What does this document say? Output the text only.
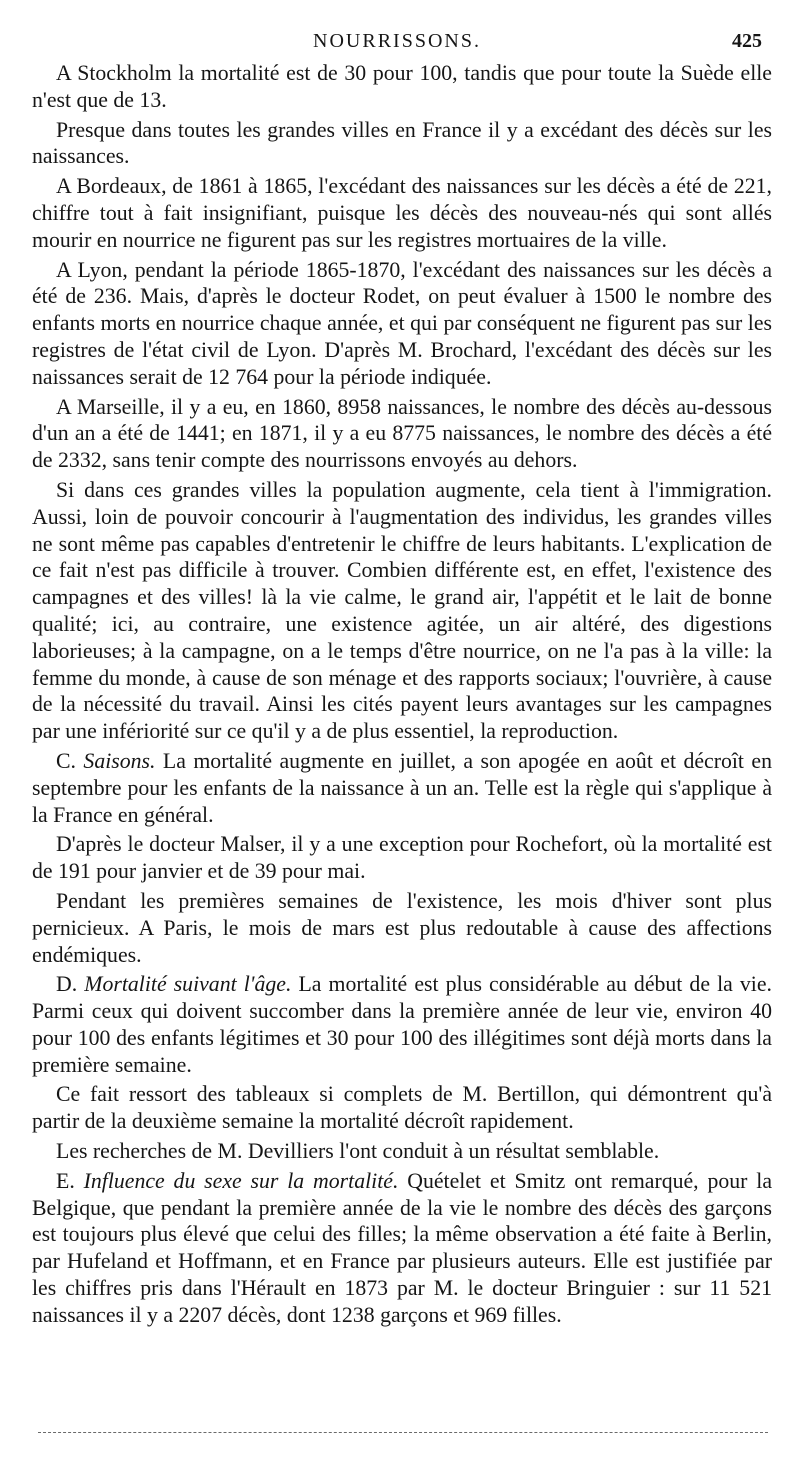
NOURRISSONS.	425

A Stockholm la mortalité est de 30 pour 100, tandis que pour toute la Suède elle n'est que de 13.

Presque dans toutes les grandes villes en France il y a excédant des décès sur les naissances.

A Bordeaux, de 1861 à 1865, l'excédant des naissances sur les décès a été de 221, chiffre tout à fait insignifiant, puisque les décès des nouveau-nés qui sont allés mourir en nourrice ne figurent pas sur les registres mortuaires de la ville.

A Lyon, pendant la période 1865-1870, l'excédant des naissances sur les décès a été de 236. Mais, d'après le docteur Rodet, on peut évaluer à 1500 le nombre des enfants morts en nourrice chaque année, et qui par conséquent ne figurent pas sur les registres de l'état civil de Lyon. D'après M. Brochard, l'excédant des décès sur les naissances serait de 12 764 pour la période indiquée.

A Marseille, il y a eu, en 1860, 8958 naissances, le nombre des décès au-dessous d'un an a été de 1441; en 1871, il y a eu 8775 naissances, le nombre des décès a été de 2332, sans tenir compte des nourrissons envoyés au dehors.

Si dans ces grandes villes la population augmente, cela tient à l'immigration. Aussi, loin de pouvoir concourir à l'augmentation des individus, les grandes villes ne sont même pas capables d'entretenir le chiffre de leurs habitants. L'explication de ce fait n'est pas difficile à trouver. Combien différente est, en effet, l'existence des campagnes et des villes! là la vie calme, le grand air, l'appétit et le lait de bonne qualité; ici, au contraire, une existence agitée, un air altéré, des digestions laborieuses; à la campagne, on a le temps d'être nourrice, on ne l'a pas à la ville: la femme du monde, à cause de son ménage et des rapports sociaux; l'ouvrière, à cause de la nécessité du travail. Ainsi les cités payent leurs avantages sur les campagnes par une infériorité sur ce qu'il y a de plus essentiel, la reproduction.

C. Saisons. La mortalité augmente en juillet, a son apogée en août et décroît en septembre pour les enfants de la naissance à un an. Telle est la règle qui s'applique à la France en général.

D'après le docteur Malser, il y a une exception pour Rochefort, où la mortalité est de 191 pour janvier et de 39 pour mai.

Pendant les premières semaines de l'existence, les mois d'hiver sont plus pernicieux. A Paris, le mois de mars est plus redoutable à cause des affections endémiques.

D. Mortalité suivant l'âge. La mortalité est plus considérable au début de la vie. Parmi ceux qui doivent succomber dans la première année de leur vie, environ 40 pour 100 des enfants légitimes et 30 pour 100 des illégitimes sont déjà morts dans la première semaine.

Ce fait ressort des tableaux si complets de M. Bertillon, qui démontrent qu'à partir de la deuxième semaine la mortalité décroît rapidement.

Les recherches de M. Devilliers l'ont conduit à un résultat semblable.

E. Influence du sexe sur la mortalité. Quételet et Smitz ont remarqué, pour la Belgique, que pendant la première année de la vie le nombre des décès des garçons est toujours plus élevé que celui des filles; la même observation a été faite à Berlin, par Hufeland et Hoffmann, et en France par plusieurs auteurs. Elle est justifiée par les chiffres pris dans l'Hérault en 1873 par M. le docteur Bringuier : sur 11 521 naissances il y a 2207 décès, dont 1238 garçons et 969 filles.
